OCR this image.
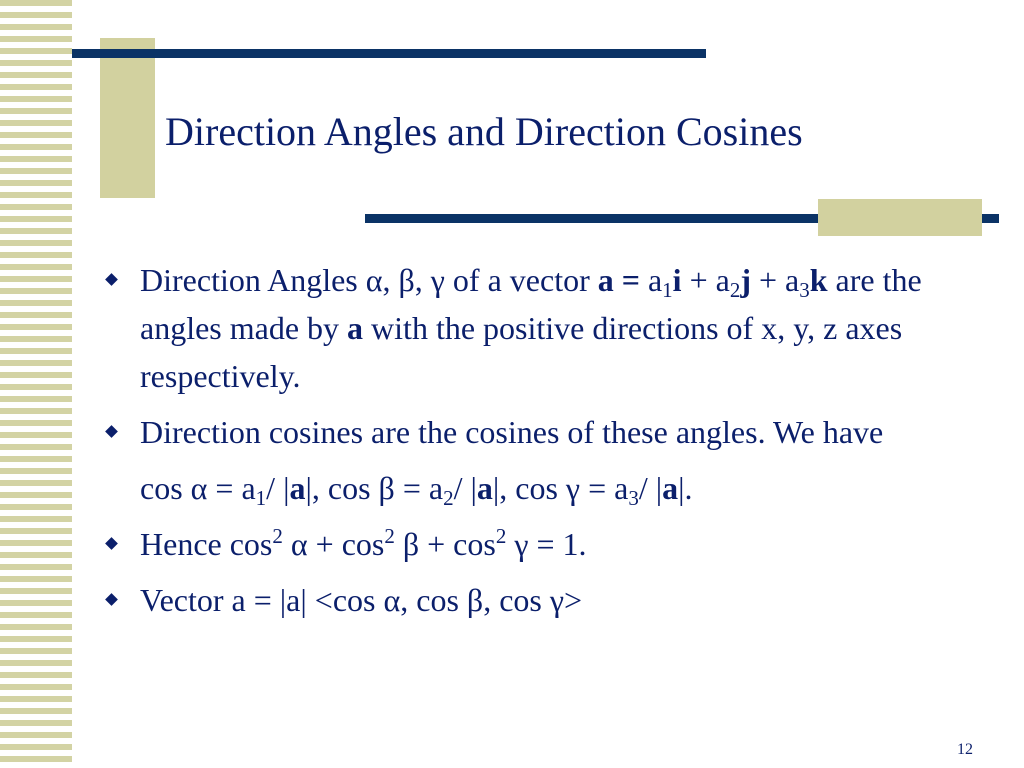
Direction Angles and Direction Cosines
Direction Angles α, β, γ of a vector $a = a_1i + a_2j + a_3k$ are the angles made by a with the positive directions of x, y, z axes respectively.
Direction cosines are the cosines of these angles. We have
$\cos \alpha = a_1/$ |a|, $\cos \beta = a_2/$ |a|, $\cos \gamma = a_3/$ |a|.
Hence $\cos^2 \alpha + \cos^2 \beta + \cos^2 \gamma = 1$.
Vector a = |a| <cos α, cos β, cos γ>
12
